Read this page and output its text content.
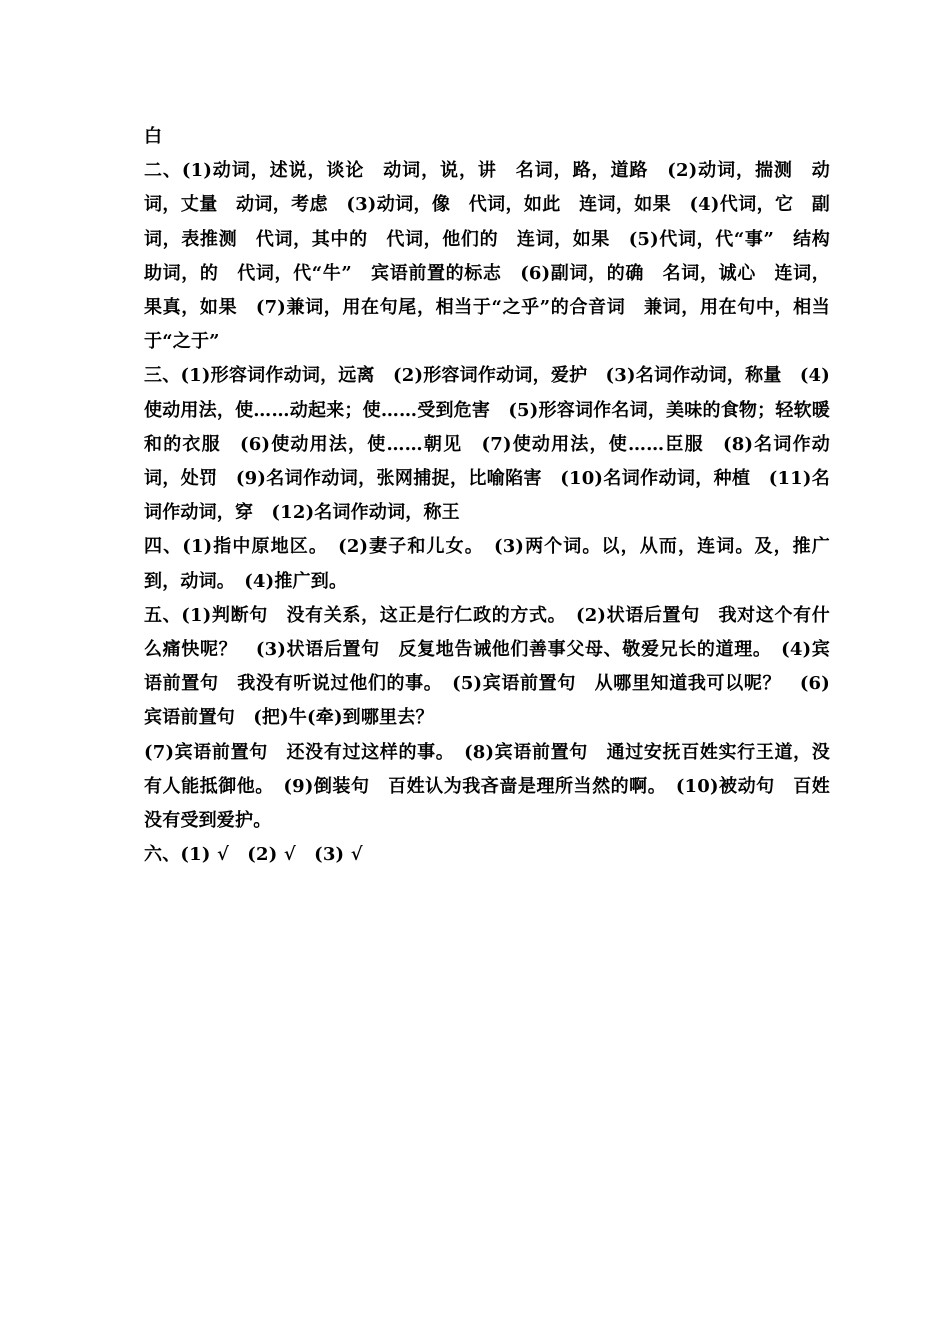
白

二、(1)动词，述说，谈论　动词，说，讲　名词，路，道路　(2)动词，揣测　动词，丈量　动词，考虑　(3)动词，像　代词，如此　连词，如果　(4)代词，它　副词，表推测　代词，其中的　代词，他们的　连词，如果　(5)代词，代“事”　结构助词，的　代词，代“牛”　宾语前置的标志　(6)副词，的确　名词，诚心　连词，果真，如果　(7)兼词，用在句尾，相当于“之乎”的合音词　兼词，用在句中，相当于“之于”

三、(1)形容词作动词，远离　(2)形容词作动词，爱护　(3)名词作动词，称量　(4)使动用法，使……动起来；使……受到危害　(5)形容词作名词，美味的食物；轻软暖和的衣服　(6)使动用法，使……朝见　(7)使动用法，使……臣服　(8)名词作动词，处罚　(9)名词作动词，张网捕捉，比喻陷害　(10)名词作动词，种植　(11)名词作动词，穿　(12)名词作动词，称王

四、(1)指中原地区。　(2)妻子和儿女。　(3)两个词。以，从而，连词。及，推广到，动词。　(4)推广到。

五、(1)判断句　没有关系，这正是行仁政的方式。　(2)状语后置句　我对这个有什么痛快呢？　(3)状语后置句　反复地告诫他们善事父母、敬爱兄长的道理。　(4)宾语前置句　我没有听说过他们的事。　(5)宾语前置句　从哪里知道我可以呢？　(6)宾语前置句　(把)牛(牵)到哪里去？

(7)宾语前置句　还没有过这样的事。　(8)宾语前置句　通过安抚百姓实行王道，没有人能抵御他。　(9)倒装句　百姓认为我吝啬是理所当然的啊。　(10)被动句　百姓没有受到爱护。

六、(1) √　(2) √　(3) √
